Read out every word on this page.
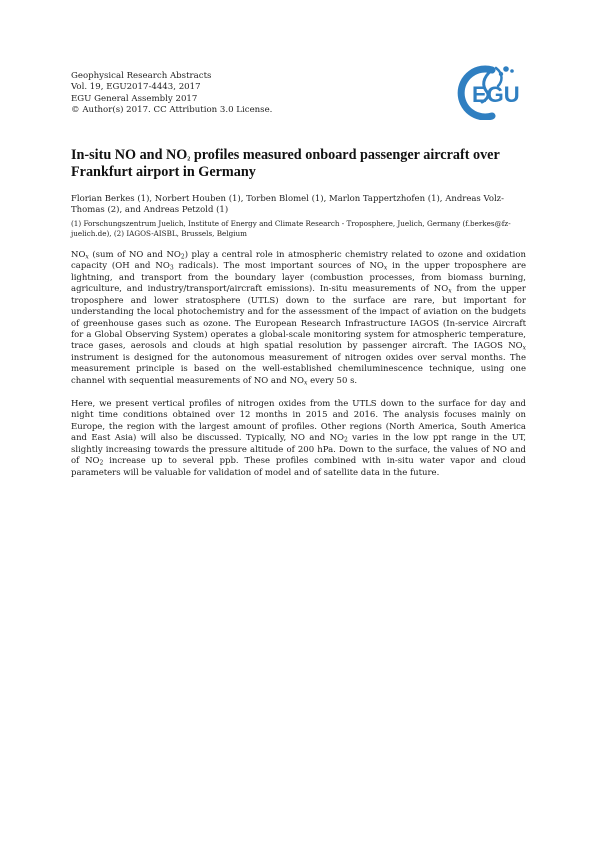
Geophysical Research Abstracts
Vol. 19, EGU2017-4443, 2017
EGU General Assembly 2017
© Author(s) 2017. CC Attribution 3.0 License.
EGU
In-situ NO and $NO_2$ profiles measured onboard passenger aircraft over Frankfurt airport in Germany
Florian Berkes (1), Norbert Houben (1), Torben Blomel (1), Marlon Tappertzhofen (1), Andreas Volz-Thomas (2), and Andreas Petzold (1)
(1) Forschungszentrum Juelich, Institute of Energy and Climate Research - Troposphere, Juelich, Germany (f.berkes@fz-juelich.de), (2) IAGOS-AISBL, Brussels, Belgium

$NO_x$ (sum of NO and $NO_2$) play a central role in atmospheric chemistry related to ozone and oxidation capacity (OH and $NO_3$ radicals). The most important sources of $NO_x$ in the upper troposphere are lightning, and transport from the boundary layer (combustion processes, from biomass burning, agriculture, and industry/transport/aircraft emissions). In-situ measurements of $NO_x$ from the upper troposphere and lower stratosphere (UTLS) down to the surface are rare, but important for understanding the local photochemistry and for the assessment of the impact of aviation on the budgets of greenhouse gases such as ozone. The European Research Infrastructure IAGOS (In-service Aircraft for a Global Observing System) operates a global-scale monitoring system for atmospheric temperature, trace gases, aerosols and clouds at high spatial resolution by passenger aircraft. The IAGOS $NO_x$ instrument is designed for the autonomous measurement of nitrogen oxides over serval months. The measurement principle is based on the well-established chemiluminescence technique, using one channel with sequential measurements of NO and $NO_x$ every 50 s.

Here, we present vertical profiles of nitrogen oxides from the UTLS down to the surface for day and night time conditions obtained over 12 months in 2015 and 2016. The analysis focuses mainly on Europe, the region with the largest amount of profiles. Other regions (North America, South America and East Asia) will also be discussed. Typically, NO and $NO_2$ varies in the low ppt range in the UT, slightly increasing towards the pressure altitude of 200 hPa. Down to the surface, the values of NO and of $NO_2$ increase up to several ppb. These profiles combined with in-situ water vapor and cloud parameters will be valuable for validation of model and of satellite data in the future.
